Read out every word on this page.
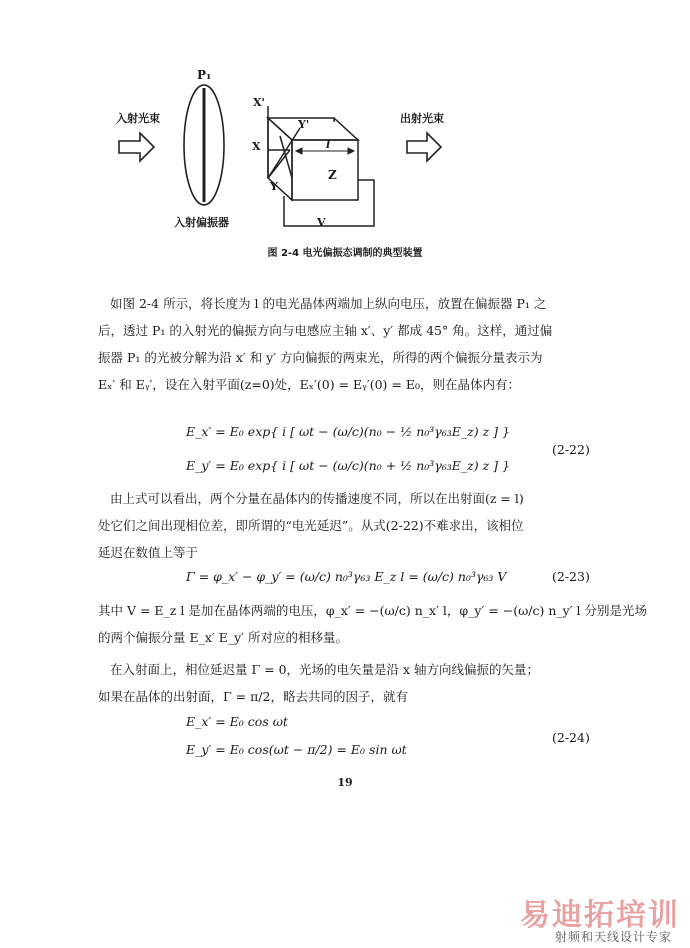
入射光束	出射光束
P₁
入射偏振器
X'
Y'
X
Y
l
Z
V
图 2-4 电光偏振态调制的典型装置

如图 2-4 所示，将长度为 l 的电光晶体两端加上纵向电压，放置在偏振器 P₁ 之

后，透过 P₁ 的入射光的偏振方向与电感应主轴 x′、y′ 都成 45° 角。这样，通过偏

振器 P₁ 的光被分解为沿 x′ 和 y′ 方向偏振的两束光，所得的两个偏振分量表示为

Eₓ′ 和 Eᵧ′，设在入射平面(z=0)处，Eₓ′(0) = Eᵧ′(0) = E₀，则在晶体内有：

E_x′ = E₀ exp{ i [ ωt − (ω/c)(n₀ − ½ n₀³γ₆₃E_z) z ] }
E_y′ = E₀ exp{ i [ ωt − (ω/c)(n₀ + ½ n₀³γ₆₃E_z) z ] }
(2-22)

由上式可以看出，两个分量在晶体内的传播速度不同，所以在出射面(z = l)

处它们之间出现相位差，即所谓的“电光延迟”。从式(2-22)不难求出，该相位

延迟在数值上等于

Γ = φ_x′ − φ_y′ = (ω/c) n₀³γ₆₃ E_z l = (ω/c) n₀³γ₆₃ V	(2-23)

其中 V = E_z l 是加在晶体两端的电压，φ_x′ = −(ω/c) n_x′ l，φ_y′ = −(ω/c) n_y′ l 分别是光场

的两个偏振分量 E_x′ E_y′ 所对应的相移量。

在入射面上，相位延迟量 Γ = 0，光场的电矢量是沿 x 轴方向线偏振的矢量；

如果在晶体的出射面，Γ = π/2，略去共同的因子，就有

E_x′ = E₀ cos ωt
E_y′ = E₀ cos(ωt − π/2) = E₀ sin ωt
(2-24)
19
易迪拓培训
射频和天线设计专家
